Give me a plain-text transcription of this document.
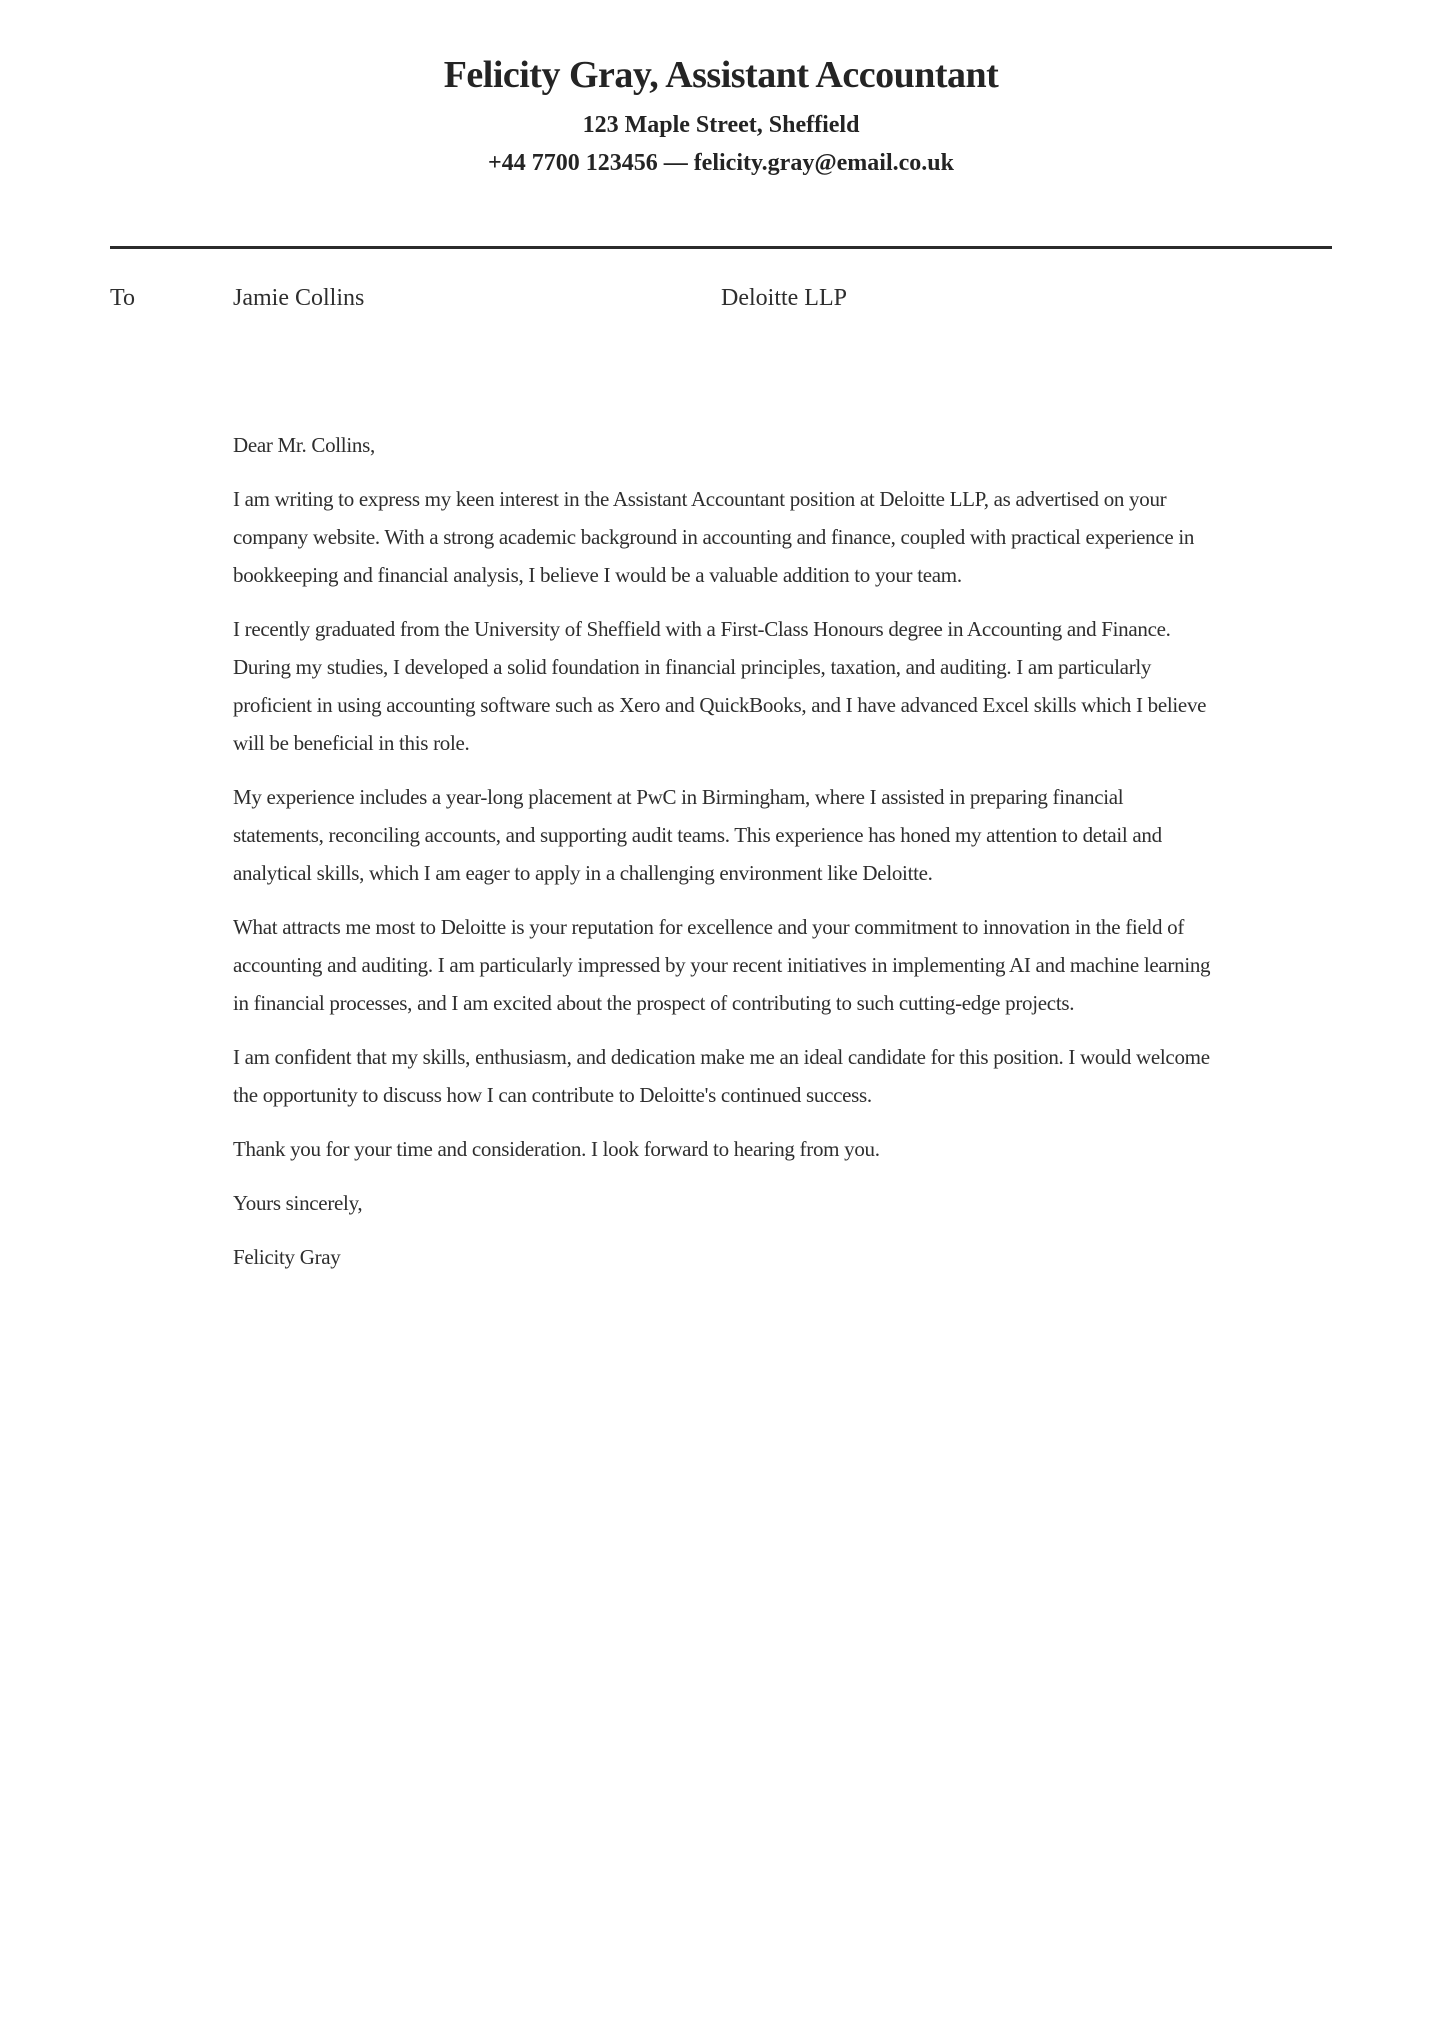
Felicity Gray, Assistant Accountant
123 Maple Street, Sheffield
+44 7700 123456 — felicity.gray@email.co.uk
To	Jamie Collins	Deloitte LLP

Dear Mr. Collins,

I am writing to express my keen interest in the Assistant Accountant position at Deloitte LLP, as advertised on your company website. With a strong academic background in accounting and finance, coupled with practical experience in bookkeeping and financial analysis, I believe I would be a valuable addition to your team.

I recently graduated from the University of Sheffield with a First-Class Honours degree in Accounting and Finance. During my studies, I developed a solid foundation in financial principles, taxation, and auditing. I am particularly proficient in using accounting software such as Xero and QuickBooks, and I have advanced Excel skills which I believe will be beneficial in this role.

My experience includes a year-long placement at PwC in Birmingham, where I assisted in preparing financial statements, reconciling accounts, and supporting audit teams. This experience has honed my attention to detail and analytical skills, which I am eager to apply in a challenging environment like Deloitte.

What attracts me most to Deloitte is your reputation for excellence and your commitment to innovation in the field of accounting and auditing. I am particularly impressed by your recent initiatives in implementing AI and machine learning in financial processes, and I am excited about the prospect of contributing to such cutting-edge projects.

I am confident that my skills, enthusiasm, and dedication make me an ideal candidate for this position. I would welcome the opportunity to discuss how I can contribute to Deloitte's continued success.

Thank you for your time and consideration. I look forward to hearing from you.

Yours sincerely,

Felicity Gray
